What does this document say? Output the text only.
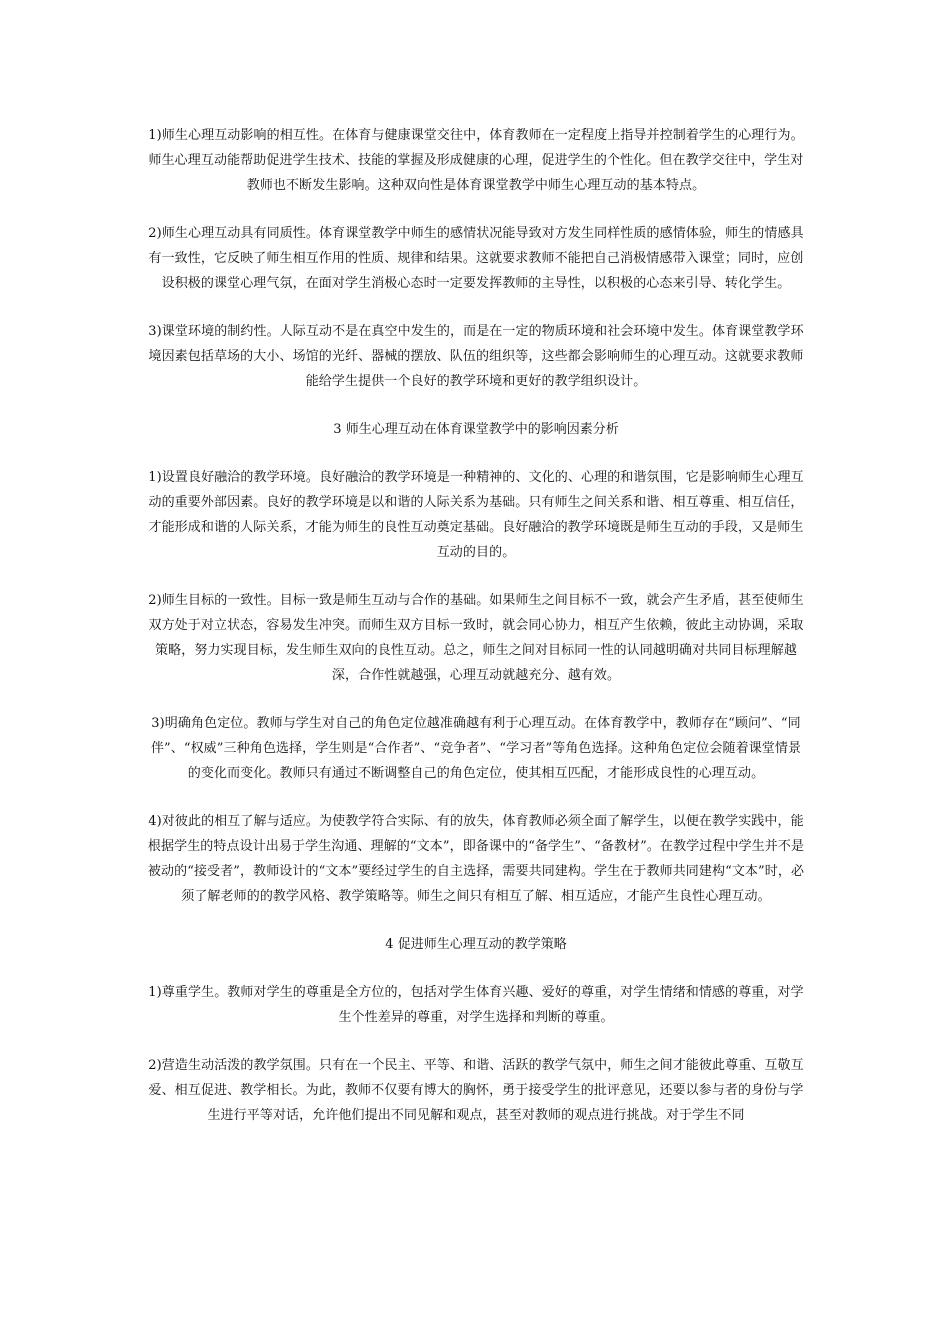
1)师生心理互动影响的相互性。在体育与健康课堂交往中，体育教师在一定程度上指导并控制着学生的心理行为。师生心理互动能帮助促进学生技术、技能的掌握及形成健康的心理，促进学生的个性化。但在教学交往中，学生对教师也不断发生影响。这种双向性是体育课堂教学中师生心理互动的基本特点。

2)师生心理互动具有同质性。体育课堂教学中师生的感情状况能导致对方发生同样性质的感情体验，师生的情感具有一致性，它反映了师生相互作用的性质、规律和结果。这就要求教师不能把自己消极情感带入课堂；同时，应创设积极的课堂心理气氛，在面对学生消极心态时一定要发挥教师的主导性，以积极的心态来引导、转化学生。

3)课堂环境的制约性。人际互动不是在真空中发生的，而是在一定的物质环境和社会环境中发生。体育课堂教学环境因素包括草场的大小、场馆的光纤、器械的摆放、队伍的组织等，这些都会影响师生的心理互动。这就要求教师能给学生提供一个良好的教学环境和更好的教学组织设计。

3 师生心理互动在体育课堂教学中的影响因素分析

1)设置良好融洽的教学环境。良好融洽的教学环境是一种精神的、文化的、心理的和谐氛围，它是影响师生心理互动的重要外部因素。良好的教学环境是以和谐的人际关系为基础。只有师生之间关系和谐、相互尊重、相互信任，才能形成和谐的人际关系，才能为师生的良性互动奠定基础。良好融洽的教学环境既是师生互动的手段，又是师生互动的目的。

2)师生目标的一致性。目标一致是师生互动与合作的基础。如果师生之间目标不一致，就会产生矛盾，甚至使师生双方处于对立状态，容易发生冲突。而师生双方目标一致时，就会同心协力，相互产生依赖，彼此主动协调，采取策略，努力实现目标，发生师生双向的良性互动。总之，师生之间对目标同一性的认同越明确对共同目标理解越深，合作性就越强，心理互动就越充分、越有效。

3)明确角色定位。教师与学生对自己的角色定位越准确越有利于心理互动。在体育教学中，教师存在“顾问”、“同伴”、“权威”三种角色选择，学生则是“合作者”、“竞争者”、“学习者”等角色选择。这种角色定位会随着课堂情景的变化而变化。教师只有通过不断调整自己的角色定位，使其相互匹配，才能形成良性的心理互动。

4)对彼此的相互了解与适应。为使教学符合实际、有的放失，体育教师必须全面了解学生，以便在教学实践中，能根据学生的特点设计出易于学生沟通、理解的“文本”，即备课中的“备学生”、“备教材”。在教学过程中学生并不是被动的“接受者”，教师设计的“文本”要经过学生的自主选择，需要共同建构。学生在于教师共同建构“文本”时，必须了解老师的的教学风格、教学策略等。师生之间只有相互了解、相互适应，才能产生良性心理互动。

4 促进师生心理互动的教学策略

1)尊重学生。教师对学生的尊重是全方位的，包括对学生体育兴趣、爱好的尊重，对学生情绪和情感的尊重，对学生个性差异的尊重，对学生选择和判断的尊重。

2)营造生动活泼的教学氛围。只有在一个民主、平等、和谐、活跃的教学气氛中，师生之间才能彼此尊重、互敬互爱、相互促进、教学相长。为此，教师不仅要有博大的胸怀，勇于接受学生的批评意见，还要以参与者的身份与学生进行平等对话，允许他们提出不同见解和观点，甚至对教师的观点进行挑战。对于学生不同
